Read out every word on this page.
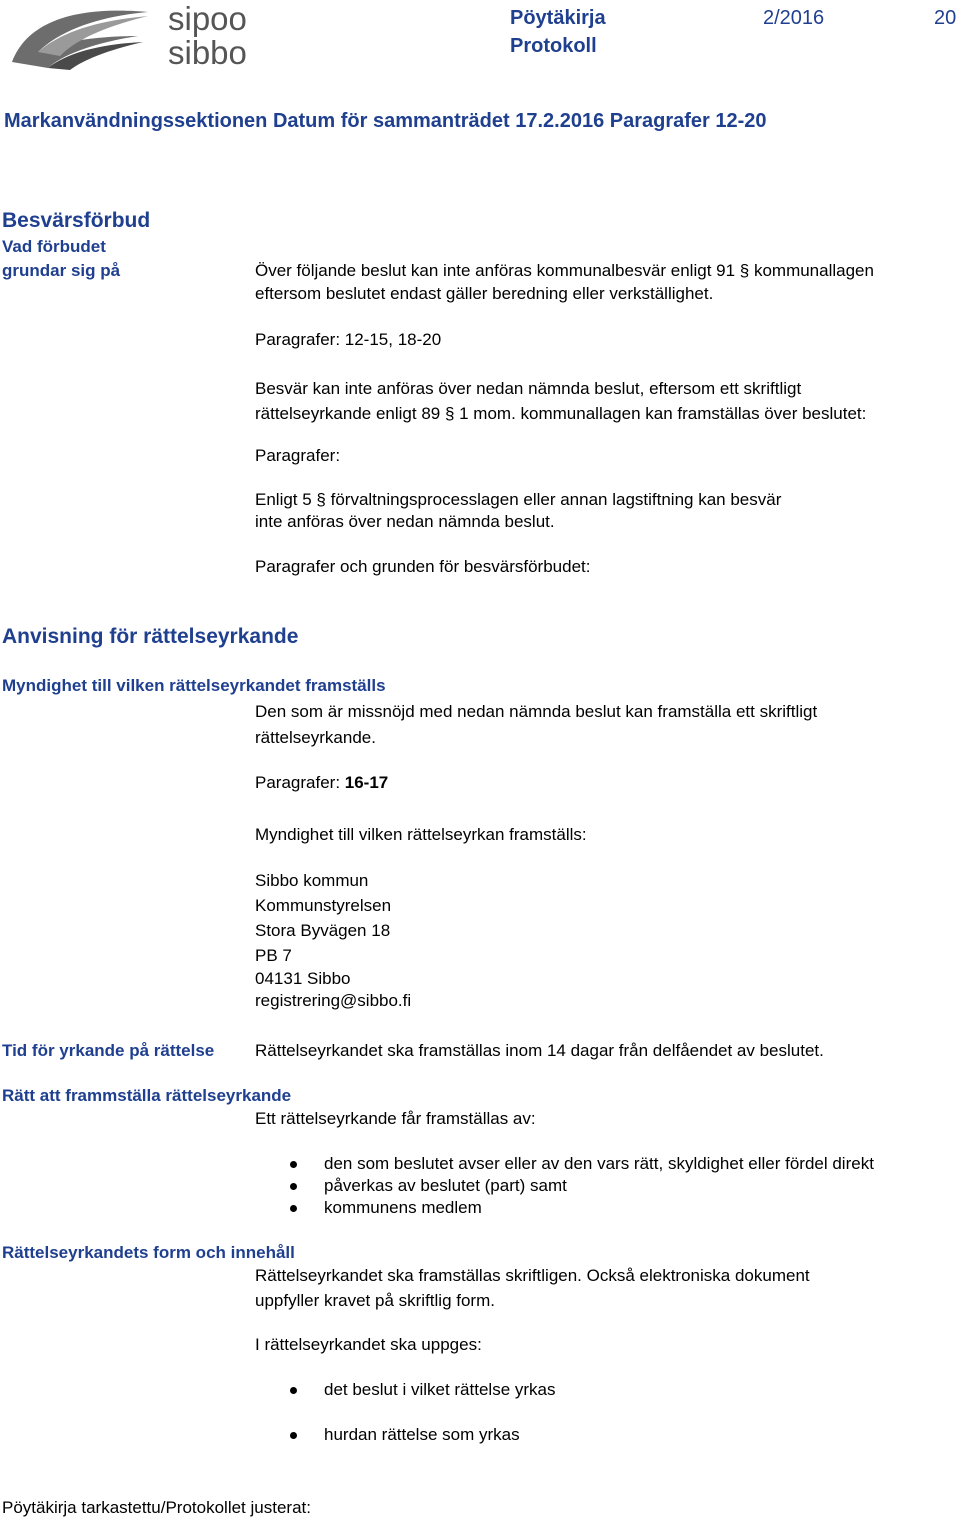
sipoo
sibbo
Pöytäkirja
Protokoll
2/2016	20
Markanvändningssektionen Datum för sammanträdet 17.2.2016 Paragrafer 12-20
Besvärsförbud
Vad förbudet
grundar sig på	Över följande beslut kan inte anföras kommunalbesvär enligt 91 § kommunallagen
eftersom beslutet endast gäller beredning eller verkställighet.
Paragrafer: 12-15, 18-20
Besvär kan inte anföras över nedan nämnda beslut, eftersom ett skriftligt
rättelseyrkande enligt 89 § 1 mom. kommunallagen kan framställas över beslutet:
Paragrafer:
Enligt 5 § förvaltningsprocesslagen eller annan lagstiftning kan besvär
inte anföras över nedan nämnda beslut.
Paragrafer och grunden för besvärsförbudet:
Anvisning för rättelseyrkande
Myndighet till vilken rättelseyrkandet framställs
Den som är missnöjd med nedan nämnda beslut kan framställa ett skriftligt
rättelseyrkande.
Paragrafer: 16-17
Myndighet till vilken rättelseyrkan framställs:
Sibbo kommun
Kommunstyrelsen
Stora Byvägen 18
PB 7
04131 Sibbo
registrering@sibbo.fi
Tid för yrkande på rättelse Rättelseyrkandet ska framställas inom 14 dagar från delfåendet av beslutet.
Rätt att frammställa rättelseyrkande
Ett rättelseyrkande får framställas av:
den som beslutet avser eller av den vars rätt, skyldighet eller fördel direkt
påverkas av beslutet (part) samt
kommunens medlem
Rättelseyrkandets form och innehåll
Rättelseyrkandet ska framställas skriftligen. Också elektroniska dokument
uppfyller kravet på skriftlig form.
I rättelseyrkandet ska uppges:
det beslut i vilket rättelse yrkas
hurdan rättelse som yrkas
Pöytäkirja tarkastettu/Protokollet justerat:
